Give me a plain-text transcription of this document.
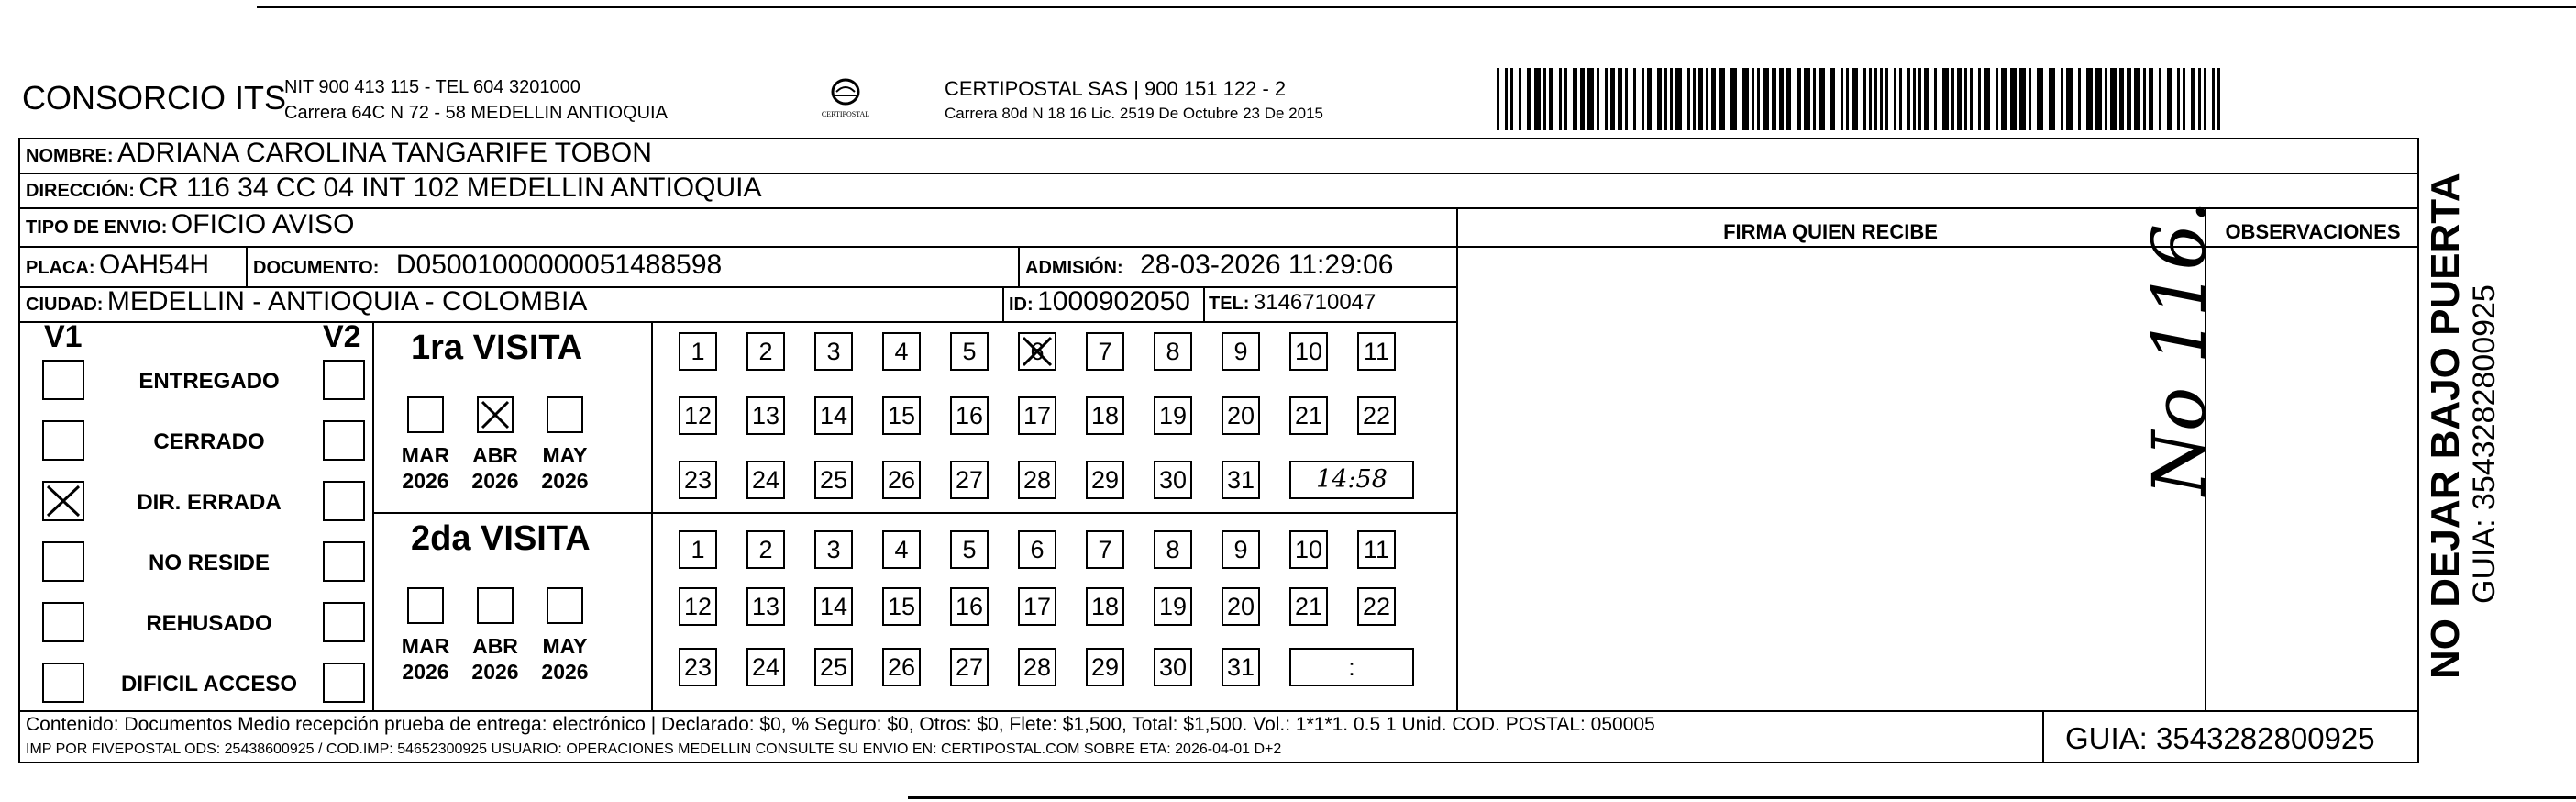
CONSORCIO ITS
NIT 900 413 115 - TEL 604 3201000
Carrera 64C N 72 - 58 MEDELLIN ANTIOQUIA	CERTIPOSTAL
CERTIPOSTAL SAS | 900 151 122 - 2
Carrera 80d N 18 16 Lic. 2519 De Octubre 23 De 2015
NOMBRE: ADRIANA CAROLINA TANGARIFE TOBON
DIRECCIÓN: CR 116 34 CC 04 INT 102 MEDELLIN ANTIOQUIA
TIPO DE ENVIO: OFICIO AVISO	FIRMA QUIEN RECIBE	OBSERVACIONES
PLACA: OAH54H DOCUMENTO: D05001000000051488598	ADMISIÓN: 28-03-2026 11:29:06
CIUDAD: MEDELLIN - ANTIOQUIA - COLOMBIA	ID: 1000902050 TEL: 3146710047
V1	V2
ENTREGADO
CERRADO
DIR. ERRADA
NO RESIDE
REHUSADO
DIFICIL ACCESO
1ra VISITA
MAR
2026
ABR
2026
MAY
2026
1	2	3	4	5	6	7	8	9	10 11
12 13 14 15 16 17 18 19 20 21 22
23 24 25 26 27 28 29 30 31	14:58
2da VISITA
MAR
2026
ABR
2026
MAY
2026
1	2	3	4	5	6	7	8	9	10 11
12 13 14 15 16 17 18 19 20 21 22
23 24 25 26 27 28 29 30 31	:
No 116.
Contenido: Documentos Medio recepción prueba de entrega: electrónico | Declarado: $0, % Seguro: $0, Otros: $0, Flete: $1,500, Total: $1,500. Vol.: 1*1*1. 0.5 1 Unid. COD. POSTAL: 050005
IMP POR FIVEPOSTAL ODS: 25438600925 / COD.IMP: 54652300925 USUARIO: OPERACIONES MEDELLIN CONSULTE SU ENVIO EN: CERTIPOSTAL.COM SOBRE ETA: 2026-04-01 D+2	GUIA: 3543282800925
NO DEJAR BAJO PUERTA GUIA: 3543282800925
